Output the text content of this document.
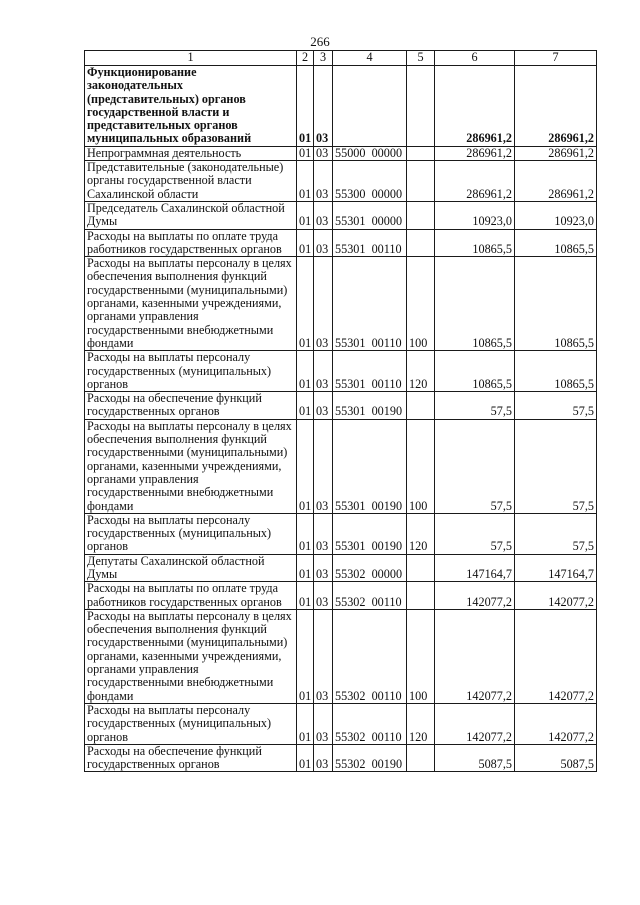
266
1	2	3	4	5	6	7
Функционирование законодательных (представительных) органов государственной власти и представительных органов муниципальных образований	01	03			286961,2	286961,2
Непрограммная деятельность	01	03	55000  00000		286961,2	286961,2
Представительные (законодательные) органы государственной власти Сахалинской области	01	03	55300  00000		286961,2	286961,2
Председатель Сахалинской областной Думы	01	03	55301  00000		10923,0	10923,0
Расходы на выплаты по оплате труда работников государственных органов	01	03	55301  00110		10865,5	10865,5
Расходы на выплаты персоналу в целях обеспечения выполнения функций государственными (муниципальными) органами, казенными учреждениями, органами управления государственными внебюджетными фондами	01	03	55301  00110	100	10865,5	10865,5
Расходы на выплаты персоналу государственных (муниципальных) органов	01	03	55301  00110	120	10865,5	10865,5
Расходы на обеспечение функций государственных органов	01	03	55301  00190		57,5	57,5
Расходы на выплаты персоналу в целях обеспечения выполнения функций государственными (муниципальными) органами, казенными учреждениями, органами управления государственными внебюджетными фондами	01	03	55301  00190	100	57,5	57,5
Расходы на выплаты персоналу государственных (муниципальных) органов	01	03	55301  00190	120	57,5	57,5
Депутаты Сахалинской областной Думы	01	03	55302  00000		147164,7	147164,7
Расходы на выплаты по оплате труда работников государственных органов	01	03	55302  00110		142077,2	142077,2
Расходы на выплаты персоналу в целях обеспечения выполнения функций государственными (муниципальными) органами, казенными учреждениями, органами управления государственными внебюджетными фондами	01	03	55302  00110	100	142077,2	142077,2
Расходы на выплаты персоналу государственных (муниципальных) органов	01	03	55302  00110	120	142077,2	142077,2
Расходы на обеспечение функций государственных органов	01	03	55302  00190		5087,5	5087,5
